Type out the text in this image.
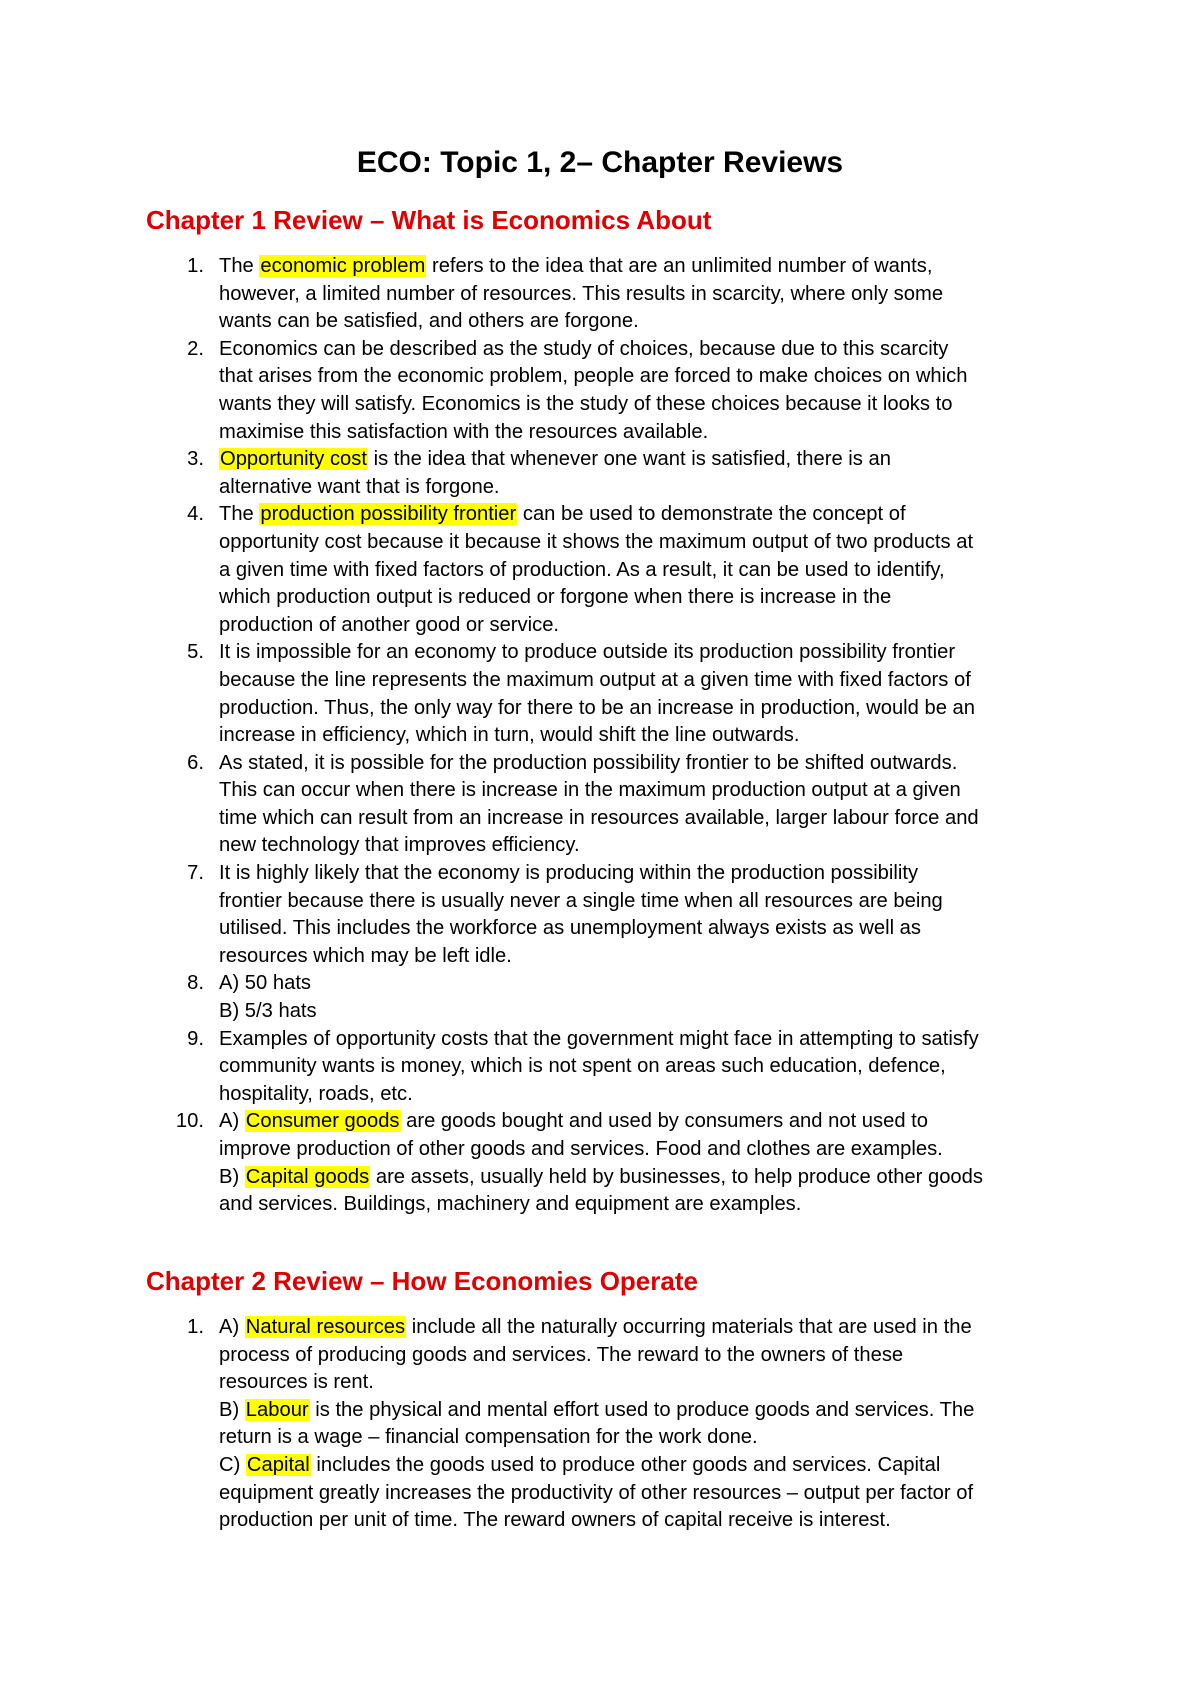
ECO: Topic 1, 2– Chapter Reviews
Chapter 1 Review – What is Economics About
1. The economic problem refers to the idea that are an unlimited number of wants,
however, a limited number of resources. This results in scarcity, where only some
wants can be satisfied, and others are forgone.
2. Economics can be described as the study of choices, because due to this scarcity
that arises from the economic problem, people are forced to make choices on which
wants they will satisfy. Economics is the study of these choices because it looks to
maximise this satisfaction with the resources available.
3. Opportunity cost is the idea that whenever one want is satisfied, there is an
alternative want that is forgone.
4. The production possibility frontier can be used to demonstrate the concept of
opportunity cost because it because it shows the maximum output of two products at
a given time with fixed factors of production. As a result, it can be used to identify,
which production output is reduced or forgone when there is increase in the
production of another good or service.
5. It is impossible for an economy to produce outside its production possibility frontier
because the line represents the maximum output at a given time with fixed factors of
production. Thus, the only way for there to be an increase in production, would be an
increase in efficiency, which in turn, would shift the line outwards.
6. As stated, it is possible for the production possibility frontier to be shifted outwards.
This can occur when there is increase in the maximum production output at a given
time which can result from an increase in resources available, larger labour force and
new technology that improves efficiency.
7. It is highly likely that the economy is producing within the production possibility
frontier because there is usually never a single time when all resources are being
utilised. This includes the workforce as unemployment always exists as well as
resources which may be left idle.
8. A) 50 hats
B) 5/3 hats
9. Examples of opportunity costs that the government might face in attempting to satisfy
community wants is money, which is not spent on areas such education, defence,
hospitality, roads, etc.
10. A) Consumer goods are goods bought and used by consumers and not used to
improve production of other goods and services. Food and clothes are examples.
B) Capital goods are assets, usually held by businesses, to help produce other goods
and services. Buildings, machinery and equipment are examples.
Chapter 2 Review – How Economies Operate
1. A) Natural resources include all the naturally occurring materials that are used in the
process of producing goods and services. The reward to the owners of these
resources is rent.
B) Labour is the physical and mental effort used to produce goods and services. The
return is a wage – financial compensation for the work done.
C) Capital includes the goods used to produce other goods and services. Capital
equipment greatly increases the productivity of other resources – output per factor of
production per unit of time. The reward owners of capital receive is interest.
